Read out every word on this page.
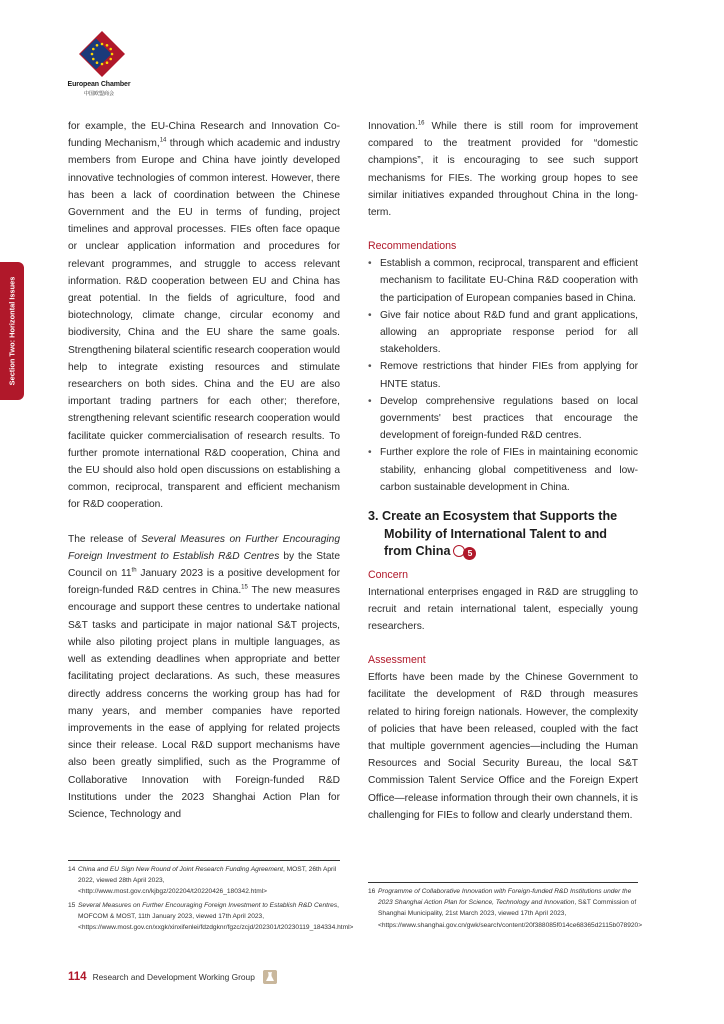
European Chamber
中国欧盟商会
Section Two: Horizontal Issues

for example, the EU-China Research and Innovation Co-funding Mechanism,$^{14}$ through which academic and industry members from Europe and China have jointly developed innovative technologies of common interest. However, there has been a lack of coordination between the Chinese Government and the EU in terms of funding, project timelines and approval processes. FIEs often face opaque or unclear application information and procedures for relevant programmes, and struggle to access relevant information. R&D cooperation between EU and China has great potential. In the fields of agriculture, food and biotechnology, climate change, circular economy and biodiversity, China and the EU share the same goals. Strengthening bilateral scientific research cooperation would help to integrate existing resources and stimulate researchers on both sides. China and the EU are also important trading partners for each other; therefore, strengthening relevant scientific research cooperation would facilitate quicker commercialisation of research results. To further promote international R&D cooperation, China and the EU should also hold open discussions on establishing a common, reciprocal, transparent and efficient mechanism for R&D cooperation.

The release of Several Measures on Further Encouraging Foreign Investment to Establish R&D Centres by the State Council on 11th January 2023 is a positive development for foreign-funded R&D centres in China.$^{15}$ The new measures encourage and support these centres to undertake national S&T tasks and participate in major national S&T projects, while also piloting project plans in multiple languages, as well as extending deadlines when appropriate and better facilitating project declarations. As such, these measures directly address concerns the working group has had for many years, and member companies have reported improvements in the ease of applying for related projects since their release. Local R&D support mechanisms have also been greatly simplified, such as the Programme of Collaborative Innovation with Foreign-funded R&D Institutions under the 2023 Shanghai Action Plan for Science, Technology and

Innovation.$^{16}$ While there is still room for improvement compared to the treatment provided for “domestic champions”, it is encouraging to see such support mechanisms for FIEs. The working group hopes to see similar initiatives expanded throughout China in the long-term.

Recommendations
• Establish a common, reciprocal, transparent and efficient mechanism to facilitate EU-China R&D cooperation with the participation of European companies based in China.
• Give fair notice about R&D fund and grant applications, allowing an appropriate response period for all stakeholders.
• Remove restrictions that hinder FIEs from applying for HNTE status.
• Develop comprehensive regulations based on local governments' best practices that encourage the development of foreign-funded R&D centres.
• Further explore the role of FIEs in maintaining economic stability, enhancing global competitiveness and low-carbon sustainable development in China.
3. Create an Ecosystem that Supports the Mobility of International Talent to and from China 5
Concern

International enterprises engaged in R&D are struggling to recruit and retain international talent, especially young researchers.

Assessment

Efforts have been made by the Chinese Government to facilitate the development of R&D through measures related to hiring foreign nationals. However, the complexity of policies that have been released, coupled with the fact that multiple government agencies—including the Human Resources and Social Security Bureau, the local S&T Commission Talent Service Office and the Foreign Expert Office—release information through their own channels, it is challenging for FIEs to follow and clearly understand them.

14 China and EU Sign New Round of Joint Research Funding Agreement, MOST, 26th April 2022, viewed 28th April 2023, <http://www.most.gov.cn/kjbgz/202204/t20220426_180342.html>
15 Several Measures on Further Encouraging Foreign Investment to Establish R&D Centres, MOFCOM & MOST, 11th January 2023, viewed 17th April 2023, <https://www.most.gov.cn/xxgk/xinxifenlei/fdzdgknr/fgzc/zcjd/202301/t20230119_184334.html>
16 Programme of Collaborative Innovation with Foreign-funded R&D Institutions under the 2023 Shanghai Action Plan for Science, Technology and Innovation, S&T Commission of Shanghai Municipality, 21st March 2023, viewed 17th April 2023, <https://www.shanghai.gov.cn/gwk/search/content/20f388085f014ce68365d2115b078920>
114 Research and Development Working Group
